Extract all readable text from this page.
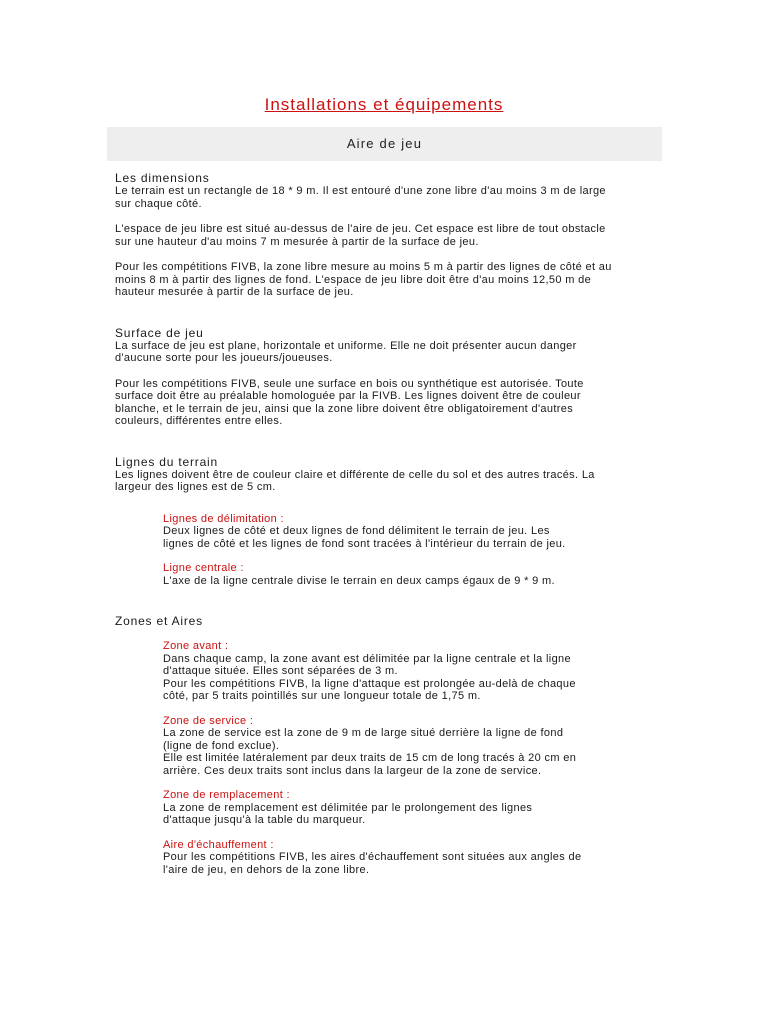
Installations et équipements
Aire de jeu
Les dimensions

Le terrain est un rectangle de 18 * 9 m. Il est entouré d'une zone libre d'au moins 3 m de large
sur chaque côté.

L'espace de jeu libre est situé au-dessus de l'aire de jeu. Cet espace est libre de tout obstacle
sur une hauteur d'au moins 7 m mesurée à partir de la surface de jeu.

Pour les compétitions FIVB, la zone libre mesure au moins 5 m à partir des lignes de côté et au
moins 8 m à partir des lignes de fond. L'espace de jeu libre doit être d'au moins 12,50 m de
hauteur mesurée à partir de la surface de jeu.

Surface de jeu

La surface de jeu est plane, horizontale et uniforme. Elle ne doit présenter aucun danger
d'aucune sorte pour les joueurs/joueuses.

Pour les compétitions FIVB, seule une surface en bois ou synthétique est autorisée. Toute
surface doit être au préalable homologuée par la FIVB. Les lignes doivent être de couleur
blanche, et le terrain de jeu, ainsi que la zone libre doivent être obligatoirement d'autres
couleurs, différentes entre elles.

Lignes du terrain

Les lignes doivent être de couleur claire et différente de celle du sol et des autres tracés. La
largeur des lignes est de 5 cm.

Lignes de délimitation :
Deux lignes de côté et deux lignes de fond délimitent le terrain de jeu. Les
lignes de côté et les lignes de fond sont tracées à l'intérieur du terrain de jeu.
Ligne centrale :
L'axe de la ligne centrale divise le terrain en deux camps égaux de 9 * 9 m.
Zones et Aires
Zone avant :
Dans chaque camp, la zone avant est délimitée par la ligne centrale et la ligne
d'attaque située. Elles sont séparées de 3 m.
Pour les compétitions FIVB, la ligne d'attaque est prolongée au-delà de chaque
côté, par 5 traits pointillés sur une longueur totale de 1,75 m.
Zone de service :
La zone de service est la zone de 9 m de large situé derrière la ligne de fond
(ligne de fond exclue).
Elle est limitée latéralement par deux traits de 15 cm de long tracés à 20 cm en
arrière. Ces deux traits sont inclus dans la largeur de la zone de service.
Zone de remplacement :
La zone de remplacement est délimitée par le prolongement des lignes
d'attaque jusqu'à la table du marqueur.
Aire d'échauffement :
Pour les compétitions FIVB, les aires d'échauffement sont situées aux angles de
l'aire de jeu, en dehors de la zone libre.
